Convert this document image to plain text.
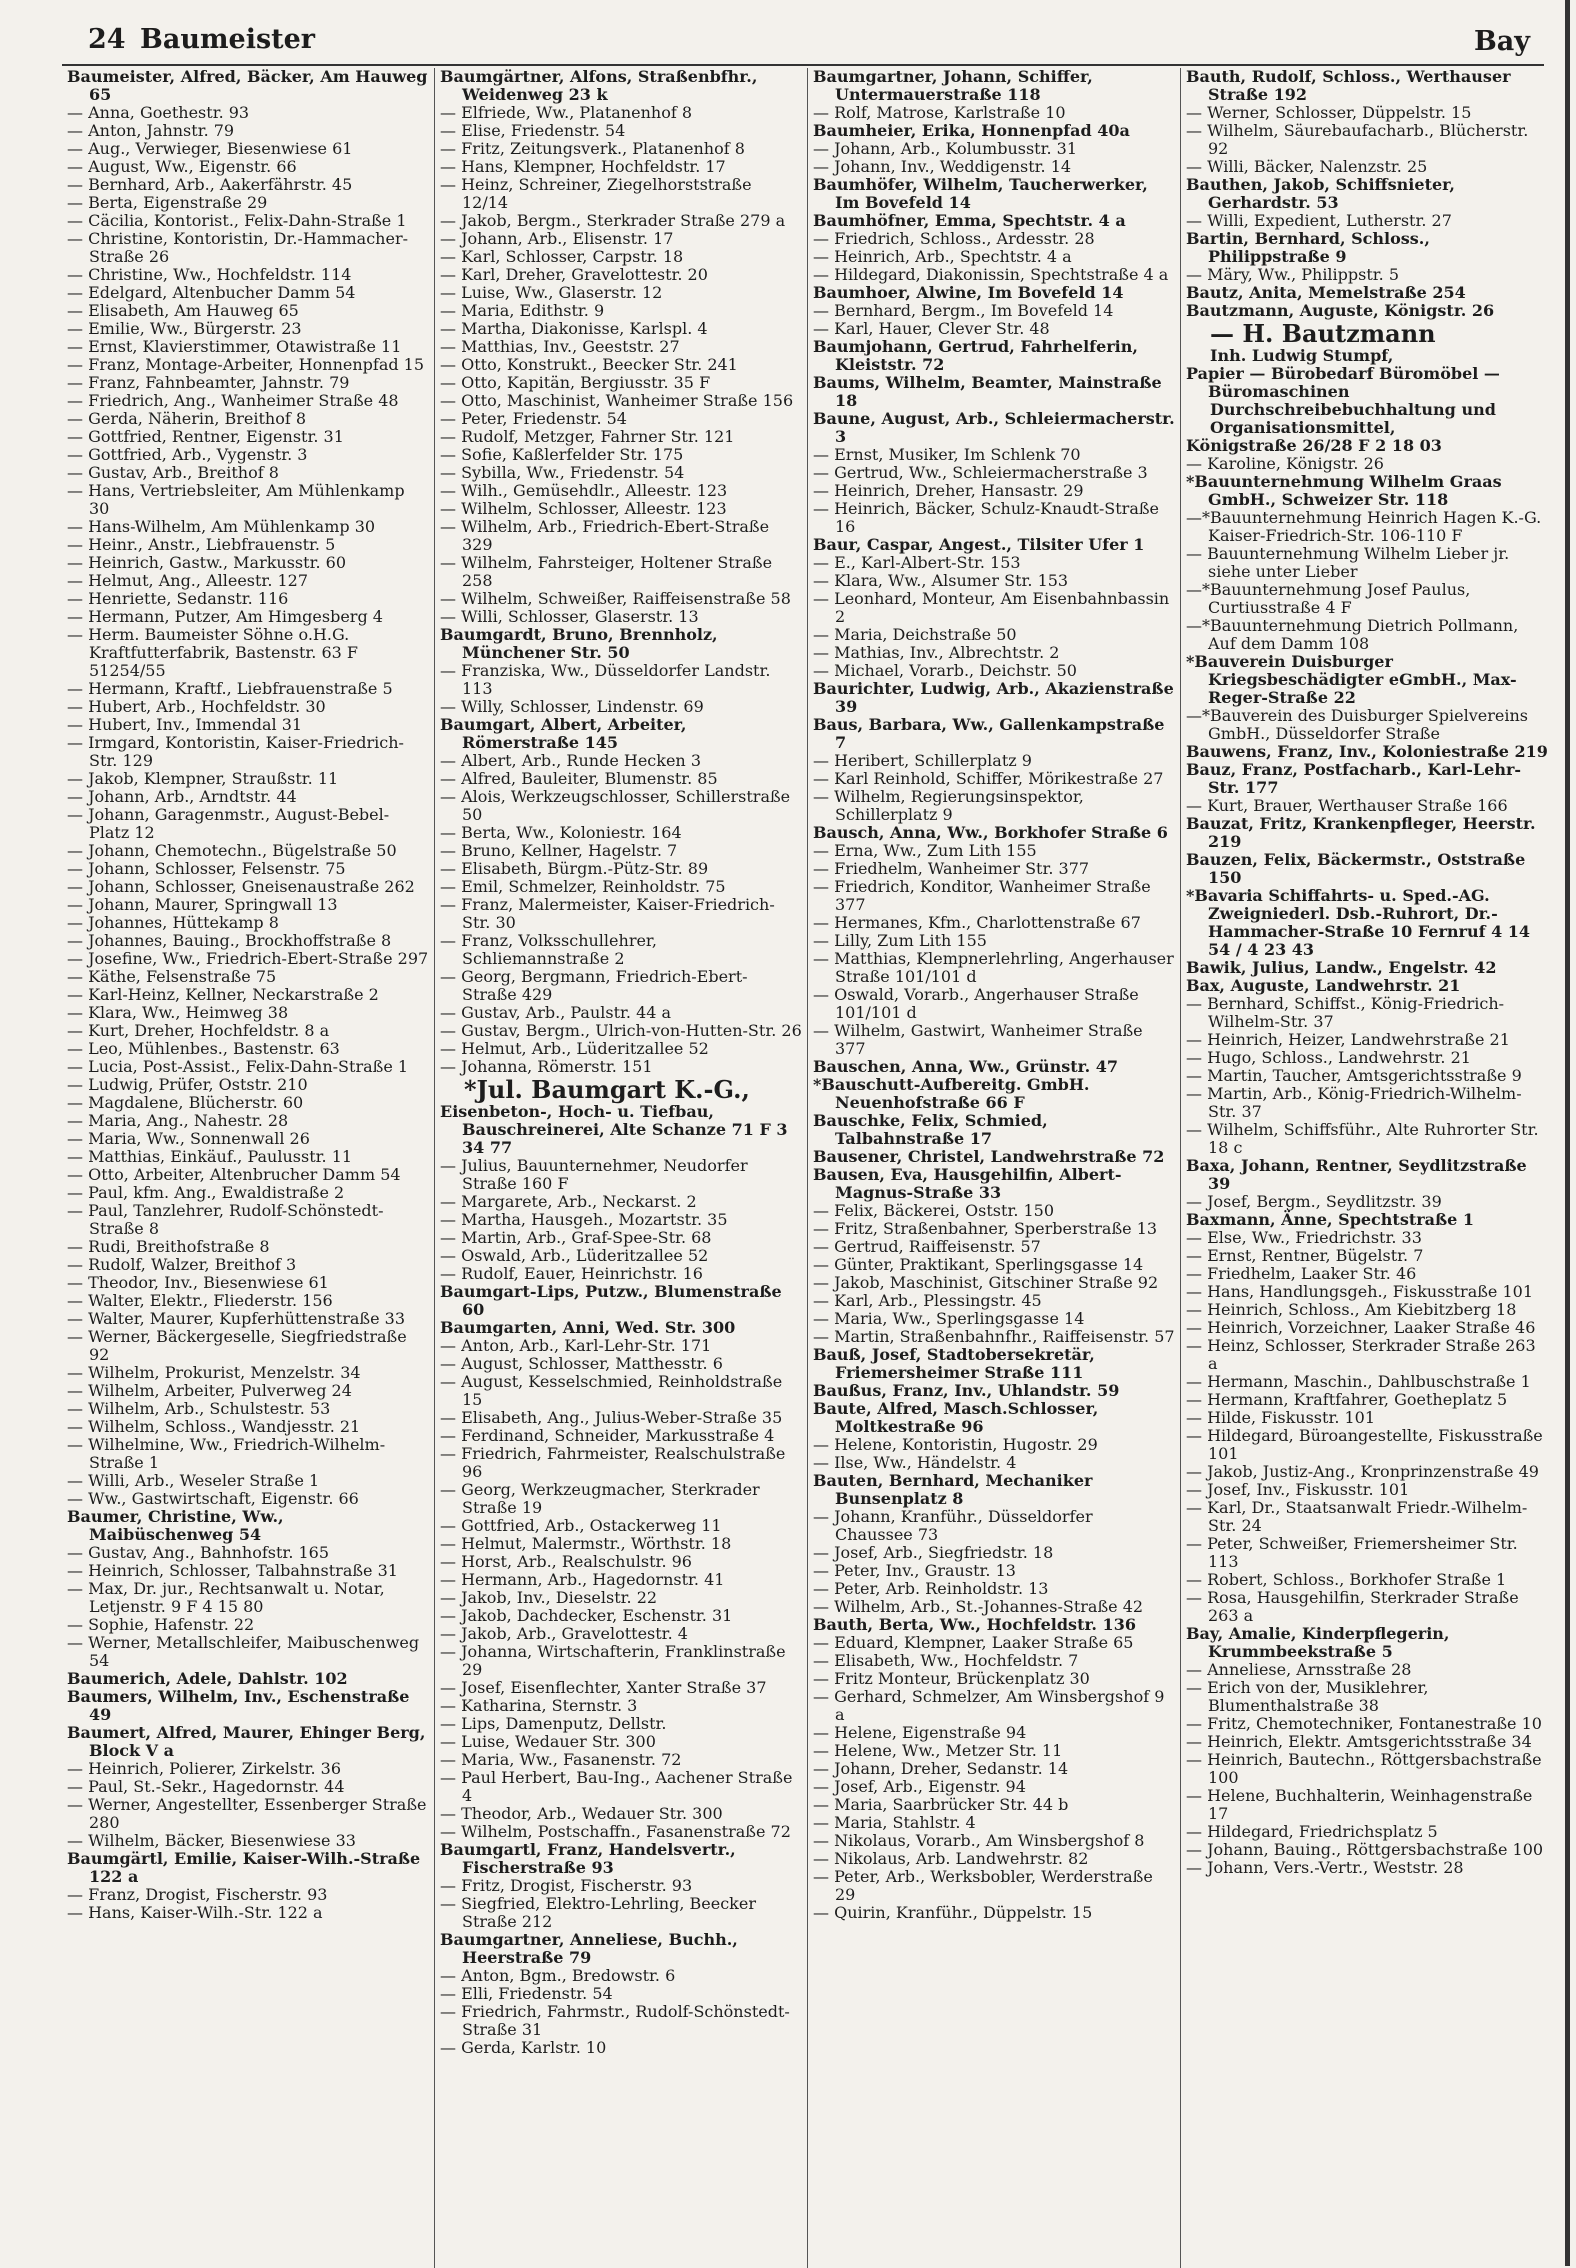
24 Baumeister	Bay

Baumeister, Alfred, Bäcker, Am Hauweg 65

— Anna, Goethestr. 93

— Anton, Jahnstr. 79

— Aug., Verwieger, Biesenwiese 61

— August, Ww., Eigenstr. 66

— Bernhard, Arb., Aakerfährstr. 45

— Berta, Eigenstraße 29

— Cäcilia, Kontorist., Felix-Dahn-Straße 1

— Christine, Kontoristin, Dr.-Hammacher-Straße 26

— Christine, Ww., Hochfeldstr. 114

— Edelgard, Altenbucher Damm 54

— Elisabeth, Am Hauweg 65

— Emilie, Ww., Bürgerstr. 23

— Ernst, Klavierstimmer, Otawistraße 11

— Franz, Montage-Arbeiter, Honnenpfad 15

— Franz, Fahnbeamter, Jahnstr. 79

— Friedrich, Ang., Wanheimer Straße 48

— Gerda, Näherin, Breithof 8

— Gottfried, Rentner, Eigenstr. 31

— Gottfried, Arb., Vygenstr. 3

— Gustav, Arb., Breithof 8

— Hans, Vertriebsleiter, Am Mühlenkamp 30

— Hans-Wilhelm, Am Mühlenkamp 30

— Heinr., Anstr., Liebfrauenstr. 5

— Heinrich, Gastw., Markusstr. 60

— Helmut, Ang., Alleestr. 127

— Henriette, Sedanstr. 116

— Hermann, Putzer, Am Himgesberg 4

— Herm. Baumeister Söhne o.H.G. Kraftfutterfabrik, Bastenstr. 63 F 51254/55

— Hermann, Kraftf., Liebfrauenstraße 5

— Hubert, Arb., Hochfeldstr. 30

— Hubert, Inv., Immendal 31

— Irmgard, Kontoristin, Kaiser-Friedrich-Str. 129

— Jakob, Klempner, Straußstr. 11

— Johann, Arb., Arndtstr. 44

— Johann, Garagenmstr., August-Bebel-Platz 12

— Johann, Chemotechn., Bügelstraße 50

— Johann, Schlosser, Felsenstr. 75

— Johann, Schlosser, Gneisenaustraße 262

— Johann, Maurer, Springwall 13

— Johannes, Hüttekamp 8

— Johannes, Bauing., Brockhoffstraße 8

— Josefine, Ww., Friedrich-Ebert-Straße 297

— Käthe, Felsenstraße 75

— Karl-Heinz, Kellner, Neckarstraße 2

— Klara, Ww., Heimweg 38

— Kurt, Dreher, Hochfeldstr. 8 a

— Leo, Mühlenbes., Bastenstr. 63

— Lucia, Post-Assist., Felix-Dahn-Straße 1

— Ludwig, Prüfer, Oststr. 210

— Magdalene, Blücherstr. 60

— Maria, Ang., Nahestr. 28

— Maria, Ww., Sonnenwall 26

— Matthias, Einkäuf., Paulusstr. 11

— Otto, Arbeiter, Altenbrucher Damm 54

— Paul, kfm. Ang., Ewaldistraße 2

— Paul, Tanzlehrer, Rudolf-Schönstedt-Straße 8

— Rudi, Breithofstraße 8

— Rudolf, Walzer, Breithof 3

— Theodor, Inv., Biesenwiese 61

— Walter, Elektr., Fliederstr. 156

— Walter, Maurer, Kupferhüttenstraße 33

— Werner, Bäckergeselle, Siegfriedstraße 92

— Wilhelm, Prokurist, Menzelstr. 34

— Wilhelm, Arbeiter, Pulverweg 24

— Wilhelm, Arb., Schulstestr. 53

— Wilhelm, Schloss., Wandjesstr. 21

— Wilhelmine, Ww., Friedrich-Wilhelm-Straße 1

— Willi, Arb., Weseler Straße 1

— Ww., Gastwirtschaft, Eigenstr. 66

Baumer, Christine, Ww., Maibüschenweg 54

— Gustav, Ang., Bahnhofstr. 165

— Heinrich, Schlosser, Talbahnstraße 31

— Max, Dr. jur., Rechtsanwalt u. Notar, Letjenstr. 9 F 4 15 80

— Sophie, Hafenstr. 22

— Werner, Metallschleifer, Maibuschenweg 54

Baumerich, Adele, Dahlstr. 102

Baumers, Wilhelm, Inv., Eschenstraße 49

Baumert, Alfred, Maurer, Ehinger Berg, Block V a

— Heinrich, Polierer, Zirkelstr. 36

— Paul, St.-Sekr., Hagedornstr. 44

— Werner, Angestellter, Essenberger Straße 280

— Wilhelm, Bäcker, Biesenwiese 33

Baumgärtl, Emilie, Kaiser-Wilh.-Straße 122 a

— Franz, Drogist, Fischerstr. 93

— Hans, Kaiser-Wilh.-Str. 122 a

Baumgärtner, Alfons, Straßenbfhr., Weidenweg 23 k

— Elfriede, Ww., Platanenhof 8

— Elise, Friedenstr. 54

— Fritz, Zeitungsverk., Platanenhof 8

— Hans, Klempner, Hochfeldstr. 17

— Heinz, Schreiner, Ziegelhorststraße 12/14

— Jakob, Bergm., Sterkrader Straße 279 a

— Johann, Arb., Elisenstr. 17

— Karl, Schlosser, Carpstr. 18

— Karl, Dreher, Gravelottestr. 20

— Luise, Ww., Glaserstr. 12

— Maria, Edithstr. 9

— Martha, Diakonisse, Karlspl. 4

— Matthias, Inv., Geeststr. 27

— Otto, Konstrukt., Beecker Str. 241

— Otto, Kapitän, Bergiusstr. 35 F

— Otto, Maschinist, Wanheimer Straße 156

— Peter, Friedenstr. 54

— Rudolf, Metzger, Fahrner Str. 121

— Sofie, Kaßlerfelder Str. 175

— Sybilla, Ww., Friedenstr. 54

— Wilh., Gemüsehdlr., Alleestr. 123

— Wilhelm, Schlosser, Alleestr. 123

— Wilhelm, Arb., Friedrich-Ebert-Straße 329

— Wilhelm, Fahrsteiger, Holtener Straße 258

— Wilhelm, Schweißer, Raiffeisenstraße 58

— Willi, Schlosser, Glaserstr. 13

Baumgardt, Bruno, Brennholz, Münchener Str. 50

— Franziska, Ww., Düsseldorfer Landstr. 113

— Willy, Schlosser, Lindenstr. 69

Baumgart, Albert, Arbeiter, Römerstraße 145

— Albert, Arb., Runde Hecken 3

— Alfred, Bauleiter, Blumenstr. 85

— Alois, Werkzeugschlosser, Schillerstraße 50

— Berta, Ww., Koloniestr. 164

— Bruno, Kellner, Hagelstr. 7

— Elisabeth, Bürgm.-Pütz-Str. 89

— Emil, Schmelzer, Reinholdstr. 75

— Franz, Malermeister, Kaiser-Friedrich-Str. 30

— Franz, Volksschullehrer, Schliemannstraße 2

— Georg, Bergmann, Friedrich-Ebert-Straße 429

— Gustav, Arb., Paulstr. 44 a

— Gustav, Bergm., Ulrich-von-Hutten-Str. 26

— Helmut, Arb., Lüderitzallee 52

— Johanna, Römerstr. 151

*Jul. Baumgart K.-G.,

Eisenbeton-, Hoch- u. Tiefbau, Bauschreinerei, Alte Schanze 71 F 3 34 77

— Julius, Bauunternehmer, Neudorfer Straße 160 F

— Margarete, Arb., Neckarst. 2

— Martha, Hausgeh., Mozartstr. 35

— Martin, Arb., Graf-Spee-Str. 68

— Oswald, Arb., Lüderitzallee 52

— Rudolf, Eauer, Heinrichstr. 16

Baumgart-Lips, Putzw., Blumenstraße 60

Baumgarten, Anni, Wed. Str. 300

— Anton, Arb., Karl-Lehr-Str. 171

— August, Schlosser, Matthesstr. 6

— August, Kesselschmied, Reinholdstraße 15

— Elisabeth, Ang., Julius-Weber-Straße 35

— Ferdinand, Schneider, Markusstraße 4

— Friedrich, Fahrmeister, Realschulstraße 96

— Georg, Werkzeugmacher, Sterkrader Straße 19

— Gottfried, Arb., Ostackerweg 11

— Helmut, Malermstr., Wörthstr. 18

— Horst, Arb., Realschulstr. 96

— Hermann, Arb., Hagedornstr. 41

— Jakob, Inv., Dieselstr. 22

— Jakob, Dachdecker, Eschenstr. 31

— Jakob, Arb., Gravelottestr. 4

— Johanna, Wirtschafterin, Franklinstraße 29

— Josef, Eisenflechter, Xanter Straße 37

— Katharina, Sternstr. 3

— Lips, Damenputz, Dellstr.

— Luise, Wedauer Str. 300

— Maria, Ww., Fasanenstr. 72

— Paul Herbert, Bau-Ing., Aachener Straße 4

— Theodor, Arb., Wedauer Str. 300

— Wilhelm, Postschaffn., Fasanenstraße 72

Baumgartl, Franz, Handelsvertr., Fischerstraße 93

— Fritz, Drogist, Fischerstr. 93

— Siegfried, Elektro-Lehrling, Beecker Straße 212

Baumgartner, Anneliese, Buchh., Heerstraße 79

— Anton, Bgm., Bredowstr. 6

— Elli, Friedenstr. 54

— Friedrich, Fahrmstr., Rudolf-Schönstedt-Straße 31

— Gerda, Karlstr. 10

Baumgartner, Johann, Schiffer, Untermauerstraße 118

— Rolf, Matrose, Karlstraße 10

Baumheier, Erika, Honnenpfad 40a

— Johann, Arb., Kolumbusstr. 31

— Johann, Inv., Weddigenstr. 14

Baumhöfer, Wilhelm, Taucherwerker, Im Bovefeld 14

Baumhöfner, Emma, Spechtstr. 4 a

— Friedrich, Schloss., Ardesstr. 28

— Heinrich, Arb., Spechtstr. 4 a

— Hildegard, Diakonissin, Spechtstraße 4 a

Baumhoer, Alwine, Im Bovefeld 14

— Bernhard, Bergm., Im Bovefeld 14

— Karl, Hauer, Clever Str. 48

Baumjohann, Gertrud, Fahrhelferin, Kleiststr. 72

Baums, Wilhelm, Beamter, Mainstraße 18

Baune, August, Arb., Schleiermacherstr. 3

— Ernst, Musiker, Im Schlenk 70

— Gertrud, Ww., Schleiermacherstraße 3

— Heinrich, Dreher, Hansastr. 29

— Heinrich, Bäcker, Schulz-Knaudt-Straße 16

Baur, Caspar, Angest., Tilsiter Ufer 1

— E., Karl-Albert-Str. 153

— Klara, Ww., Alsumer Str. 153

— Leonhard, Monteur, Am Eisenbahnbassin 2

— Maria, Deichstraße 50

— Mathias, Inv., Albrechtstr. 2

— Michael, Vorarb., Deichstr. 50

Baurichter, Ludwig, Arb., Akazienstraße 39

Baus, Barbara, Ww., Gallenkampstraße 7

— Heribert, Schillerplatz 9

— Karl Reinhold, Schiffer, Mörikestraße 27

— Wilhelm, Regierungsinspektor, Schillerplatz 9

Bausch, Anna, Ww., Borkhofer Straße 6

— Erna, Ww., Zum Lith 155

— Friedhelm, Wanheimer Str. 377

— Friedrich, Konditor, Wanheimer Straße 377

— Hermanes, Kfm., Charlottenstraße 67

— Lilly, Zum Lith 155

— Matthias, Klempnerlehrling, Angerhauser Straße 101/101 d

— Oswald, Vorarb., Angerhauser Straße 101/101 d

— Wilhelm, Gastwirt, Wanheimer Straße 377

Bauschen, Anna, Ww., Grünstr. 47

*Bauschutt-Aufbereitg. GmbH. Neuenhofstraße 66 F

Bauschke, Felix, Schmied, Talbahnstraße 17

Bausener, Christel, Landwehrstraße 72

Bausen, Eva, Hausgehilfin, Albert-Magnus-Straße 33

— Felix, Bäckerei, Oststr. 150

— Fritz, Straßenbahner, Sperberstraße 13

— Gertrud, Raiffeisenstr. 57

— Günter, Praktikant, Sperlingsgasse 14

— Jakob, Maschinist, Gitschiner Straße 92

— Karl, Arb., Plessingstr. 45

— Maria, Ww., Sperlingsgasse 14

— Martin, Straßenbahnfhr., Raiffeisenstr. 57

Bauß, Josef, Stadtobersekretär, Friemersheimer Straße 111

Baußus, Franz, Inv., Uhlandstr. 59

Baute, Alfred, Masch.Schlosser, Moltkestraße 96

— Helene, Kontoristin, Hugostr. 29

— Ilse, Ww., Händelstr. 4

Bauten, Bernhard, Mechaniker Bunsenplatz 8

— Johann, Kranführ., Düsseldorfer Chaussee 73

— Josef, Arb., Siegfriedstr. 18

— Peter, Inv., Graustr. 13

— Peter, Arb. Reinholdstr. 13

— Wilhelm, Arb., St.-Johannes-Straße 42

Bauth, Berta, Ww., Hochfeldstr. 136

— Eduard, Klempner, Laaker Straße 65

— Elisabeth, Ww., Hochfeldstr. 7

— Fritz Monteur, Brückenplatz 30

— Gerhard, Schmelzer, Am Winsbergshof 9 a

— Helene, Eigenstraße 94

— Helene, Ww., Metzer Str. 11

— Johann, Dreher, Sedanstr. 14

— Josef, Arb., Eigenstr. 94

— Maria, Saarbrücker Str. 44 b

— Maria, Stahlstr. 4

— Nikolaus, Vorarb., Am Winsbergshof 8

— Nikolaus, Arb. Landwehrstr. 82

— Peter, Arb., Werksbobler, Werderstraße 29

— Quirin, Kranführ., Düppelstr. 15

Bauth, Rudolf, Schloss., Werthauser Straße 192

— Werner, Schlosser, Düppelstr. 15

— Wilhelm, Säurebaufacharb., Blücherstr. 92

— Willi, Bäcker, Nalenzstr. 25

Bauthen, Jakob, Schiffsnieter, Gerhardstr. 53

— Willi, Expedient, Lutherstr. 27

Bartin, Bernhard, Schloss., Philippstraße 9

— Märy, Ww., Philippstr. 5

Bautz, Anita, Memelstraße 254

Bautzmann, Auguste, Königstr. 26

— H. Bautzmann

Inh. Ludwig Stumpf,

Papier — Bürobedarf Büromöbel — Büromaschinen

Durchschreibebuchhaltung und Organisationsmittel,

Königstraße 26/28 F 2 18 03

— Karoline, Königstr. 26

*Bauunternehmung Wilhelm Graas GmbH., Schweizer Str. 118

—*Bauunternehmung Heinrich Hagen K.-G. Kaiser-Friedrich-Str. 106-110 F

— Bauunternehmung Wilhelm Lieber jr. siehe unter Lieber

—*Bauunternehmung Josef Paulus, Curtiusstraße 4 F

—*Bauunternehmung Dietrich Pollmann, Auf dem Damm 108

*Bauverein Duisburger Kriegsbeschädigter eGmbH., Max-Reger-Straße 22

—*Bauverein des Duisburger Spielvereins GmbH., Düsseldorfer Straße

Bauwens, Franz, Inv., Koloniestraße 219

Bauz, Franz, Postfacharb., Karl-Lehr-Str. 177

— Kurt, Brauer, Werthauser Straße 166

Bauzat, Fritz, Krankenpfleger, Heerstr. 219

Bauzen, Felix, Bäckermstr., Oststraße 150

*Bavaria Schiffahrts- u. Sped.-AG. Zweigniederl. Dsb.-Ruhrort, Dr.-Hammacher-Straße 10 Fernruf 4 14 54 / 4 23 43

Bawik, Julius, Landw., Engelstr. 42

Bax, Auguste, Landwehrstr. 21

— Bernhard, Schiffst., König-Friedrich-Wilhelm-Str. 37

— Heinrich, Heizer, Landwehrstraße 21

— Hugo, Schloss., Landwehrstr. 21

— Martin, Taucher, Amtsgerichtsstraße 9

— Martin, Arb., König-Friedrich-Wilhelm-Str. 37

— Wilhelm, Schiffsführ., Alte Ruhrorter Str. 18 c

Baxa, Johann, Rentner, Seydlitzstraße 39

— Josef, Bergm., Seydlitzstr. 39

Baxmann, Änne, Spechtstraße 1

— Else, Ww., Friedrichstr. 33

— Ernst, Rentner, Bügelstr. 7

— Friedhelm, Laaker Str. 46

— Hans, Handlungsgeh., Fiskusstraße 101

— Heinrich, Schloss., Am Kiebitzberg 18

— Heinrich, Vorzeichner, Laaker Straße 46

— Heinz, Schlosser, Sterkrader Straße 263 a

— Hermann, Maschin., Dahlbuschstraße 1

— Hermann, Kraftfahrer, Goetheplatz 5

— Hilde, Fiskusstr. 101

— Hildegard, Büroangestellte, Fiskusstraße 101

— Jakob, Justiz-Ang., Kronprinzenstraße 49

— Josef, Inv., Fiskusstr. 101

— Karl, Dr., Staatsanwalt Friedr.-Wilhelm-Str. 24

— Peter, Schweißer, Friemersheimer Str. 113

— Robert, Schloss., Borkhofer Straße 1

— Rosa, Hausgehilfin, Sterkrader Straße 263 a

Bay, Amalie, Kinderpflegerin, Krummbeekstraße 5

— Anneliese, Arnsstraße 28

— Erich von der, Musiklehrer, Blumenthalstraße 38

— Fritz, Chemotechniker, Fontanestraße 10

— Heinrich, Elektr. Amtsgerichtsstraße 34

— Heinrich, Bautechn., Röttgersbachstraße 100

— Helene, Buchhalterin, Weinhagenstraße 17

— Hildegard, Friedrichsplatz 5

— Johann, Bauing., Röttgersbachstraße 100

— Johann, Vers.-Vertr., Weststr. 28
